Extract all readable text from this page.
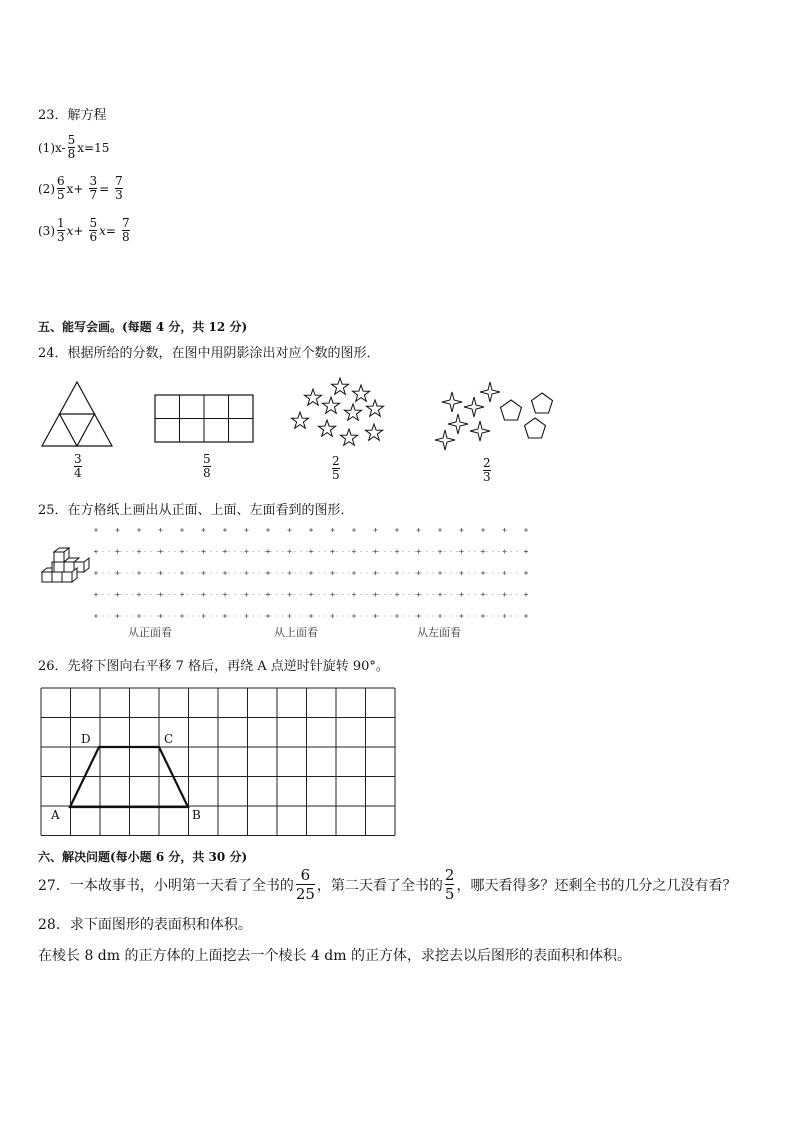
23．解方程
$(1)x- \frac{5}{8} x=15$
$(2) \frac{6}{5} x+ \frac{3}{7} = \frac{7}{3}$
$(3) \frac{1}{3} x+ \frac{5}{6} x= \frac{7}{8}$
五、能写会画。(每题 4 分，共 12 分)
24．根据所给的分数，在图中用阴影涂出对应个数的图形．
3
4
5
8
2
5
2
3
25．在方格纸上画出从正面、上面、左面看到的图形．
从正面看	从上面看	从左面看
26．先将下图向右平移 7 格后，再绕 A 点逆时针旋转 90°。
D	C
A	B
六、解决问题(每小题 6 分，共 30 分)
27．一本故事书，小明第一天看了全书的 $\frac{6}{25}$ ，第二天看了全书的 $\frac{2}{5}$ ，哪天看得多？还剩全书的几分之几没有看？
28．求下面图形的表面积和体积。
在棱长 8 dm 的正方体的上面挖去一个棱长 4 dm 的正方体，求挖去以后图形的表面积和体积。
